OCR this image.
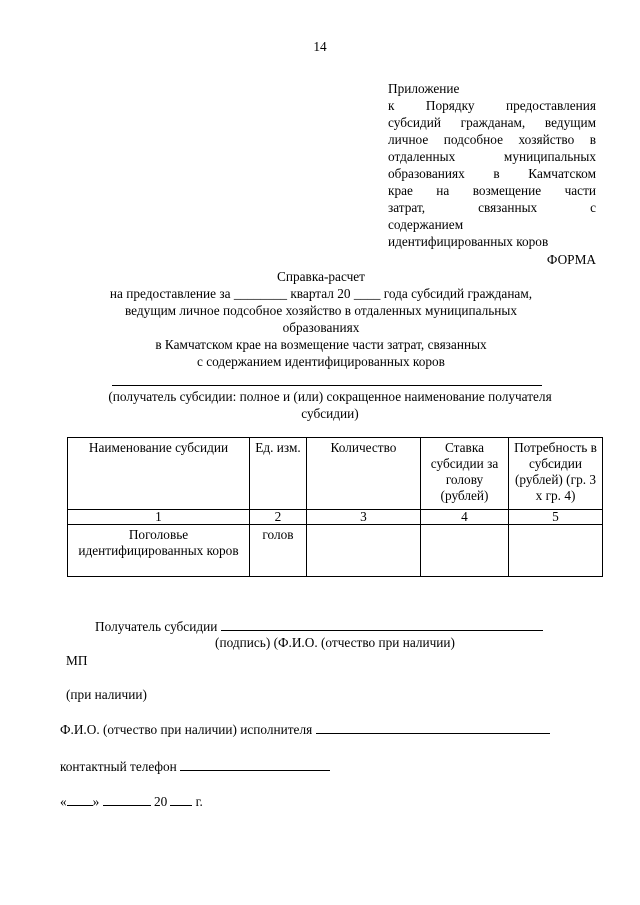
14
Приложение
к Порядку предоставления
субсидий гражданам, ведущим
личное подсобное хозяйство в
отдаленных муниципальных
образованиях в Камчатском
крае на возмещение части
затрат, связанных с
содержанием
идентифицированных коров
ФОРМА
Справка-расчет
на предоставление за ________ квартал 20 ____ года субсидий гражданам,
ведущим личное подсобное хозяйство в отдаленных муниципальных
образованиях
в Камчатском крае на возмещение части затрат, связанных
с содержанием идентифицированных коров
(получатель субсидии: полное и (или) сокращенное наименование получателя
субсидии)
Наименование субсидии	Ед. изм.	Количество	Ставка субсидии за голову (рублей)	Потребность в субсидии (рублей) (гр. 3 х гр. 4)
1	2	3	4	5
Поголовье идентифицированных коров	голов			
Получатель субсидии
(подпись) (Ф.И.О. (отчество при наличии)
МП
(при наличии)
Ф.И.О. (отчество при наличии) исполнителя
контактный телефон
« »	20 г.
